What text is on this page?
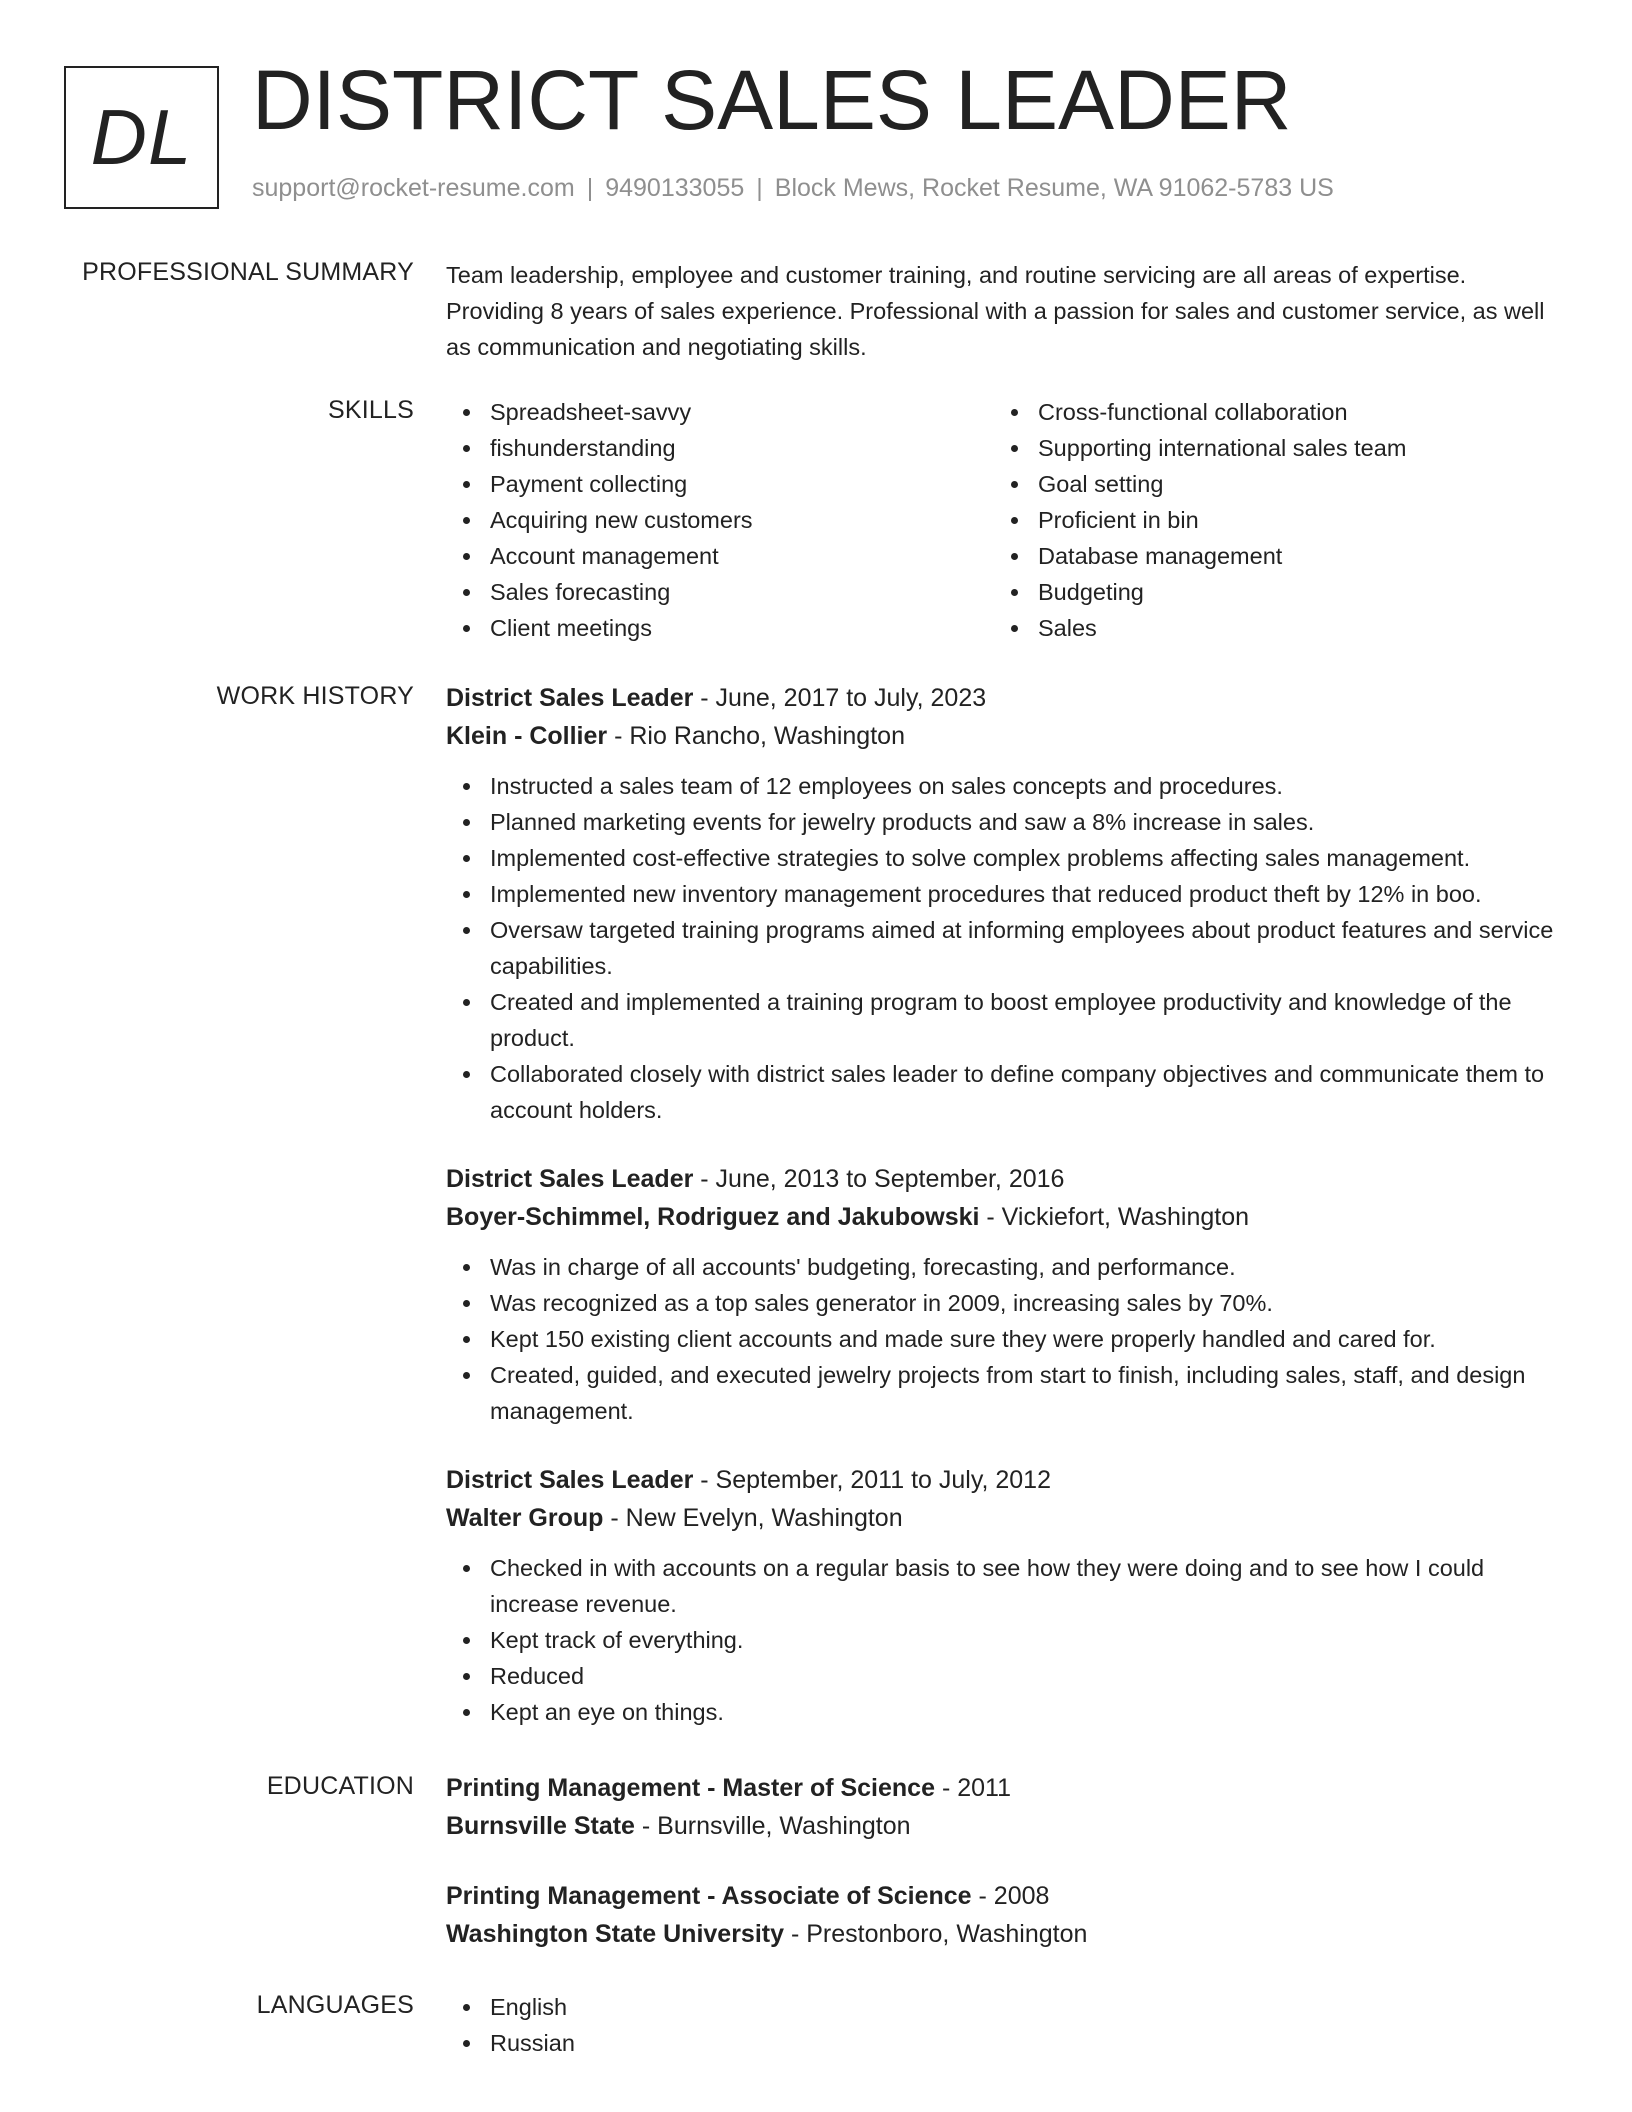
DL DISTRICT SALES LEADER
support@rocket-resume.com | 9490133055 | Block Mews, Rocket Resume, WA 91062-5783 US
PROFESSIONAL SUMMARY Team leadership, employee and customer training, and routine servicing are all areas of expertise. Providing 8 years of sales experience. Professional with a passion for sales and customer service, as well as communication and negotiating skills.
SKILLS	Spreadsheet-savvy
fishunderstanding
Payment collecting
Acquiring new customers
Account management
Sales forecasting
Client meetings
Cross-functional collaboration
Supporting international sales team
Goal setting
Proficient in bin
Database management
Budgeting
Sales
WORK HISTORY District Sales Leader - June, 2017 to July, 2023
Klein - Collier - Rio Rancho, Washington
Instructed a sales team of 12 employees on sales concepts and procedures.
Planned marketing events for jewelry products and saw a 8% increase in sales.
Implemented cost-effective strategies to solve complex problems affecting sales management.
Implemented new inventory management procedures that reduced product theft by 12% in boo.
Oversaw targeted training programs aimed at informing employees about product features and service capabilities.
Created and implemented a training program to boost employee productivity and knowledge of the product.
Collaborated closely with district sales leader to define company objectives and communicate them to account holders.
District Sales Leader - June, 2013 to September, 2016
Boyer-Schimmel, Rodriguez and Jakubowski - Vickiefort, Washington
Was in charge of all accounts' budgeting, forecasting, and performance.
Was recognized as a top sales generator in 2009, increasing sales by 70%.
Kept 150 existing client accounts and made sure they were properly handled and cared for.
Created, guided, and executed jewelry projects from start to finish, including sales, staff, and design management.
District Sales Leader - September, 2011 to July, 2012
Walter Group - New Evelyn, Washington
Checked in with accounts on a regular basis to see how they were doing and to see how I could increase revenue.
Kept track of everything.
Reduced
Kept an eye on things.
EDUCATION Printing Management - Master of Science - 2011
Burnsville State - Burnsville, Washington
Printing Management - Associate of Science - 2008
Washington State University - Prestonboro, Washington
LANGUAGES	English
Russian
